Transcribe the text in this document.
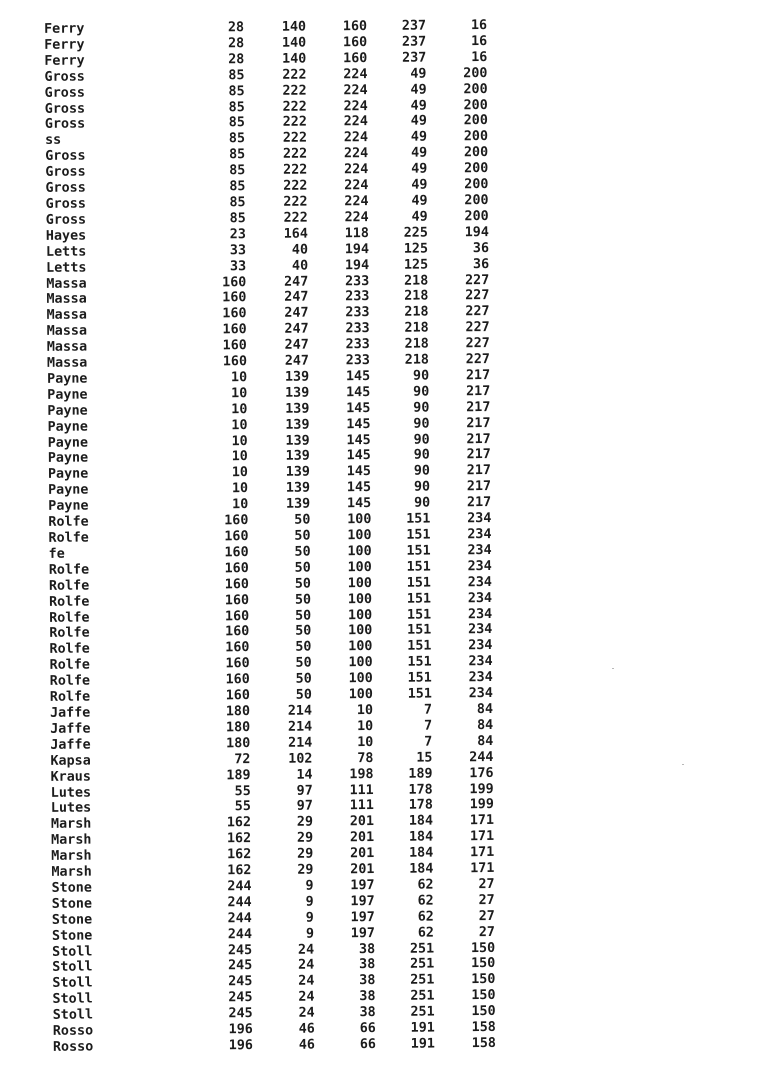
Ferry	28	140	160	237	16
Ferry	28	140	160	237	16
Ferry	28	140	160	237	16
Gross	85	222	224	49	200
Gross	85	222	224	49	200
Gross	85	222	224	49	200
Gross	85	222	224	49	200
ss	85	222	224	49	200
Gross	85	222	224	49	200
Gross	85	222	224	49	200
Gross	85	222	224	49	200
Gross	85	222	224	49	200
Gross	85	222	224	49	200
Hayes	23	164	118	225	194
Letts	33	40	194	125	36
Letts	33	40	194	125	36
Massa	160	247	233	218	227
Massa	160	247	233	218	227
Massa	160	247	233	218	227
Massa	160	247	233	218	227
Massa	160	247	233	218	227
Massa	160	247	233	218	227
Payne	10	139	145	90	217
Payne	10	139	145	90	217
Payne	10	139	145	90	217
Payne	10	139	145	90	217
Payne	10	139	145	90	217
Payne	10	139	145	90	217
Payne	10	139	145	90	217
Payne	10	139	145	90	217
Payne	10	139	145	90	217
Rolfe	160	50	100	151	234
Rolfe	160	50	100	151	234
fe	160	50	100	151	234
Rolfe	160	50	100	151	234
Rolfe	160	50	100	151	234
Rolfe	160	50	100	151	234
Rolfe	160	50	100	151	234
Rolfe	160	50	100	151	234
Rolfe	160	50	100	151	234
Rolfe	160	50	100	151	234
Rolfe	160	50	100	151	234
Rolfe	160	50	100	151	234
Jaffe	180	214	10	7	84
Jaffe	180	214	10	7	84
Jaffe	180	214	10	7	84
Kapsa	72	102	78	15	244
Kraus	189	14	198	189	176
Lutes	55	97	111	178	199
Lutes	55	97	111	178	199
Marsh	162	29	201	184	171
Marsh	162	29	201	184	171
Marsh	162	29	201	184	171
Marsh	162	29	201	184	171
Stone	244	9	197	62	27
Stone	244	9	197	62	27
Stone	244	9	197	62	27
Stone	244	9	197	62	27
Stoll	245	24	38	251	150
Stoll	245	24	38	251	150
Stoll	245	24	38	251	150
Stoll	245	24	38	251	150
Stoll	245	24	38	251	150
Rosso	196	46	66	191	158
Rosso	196	46	66	191	158
